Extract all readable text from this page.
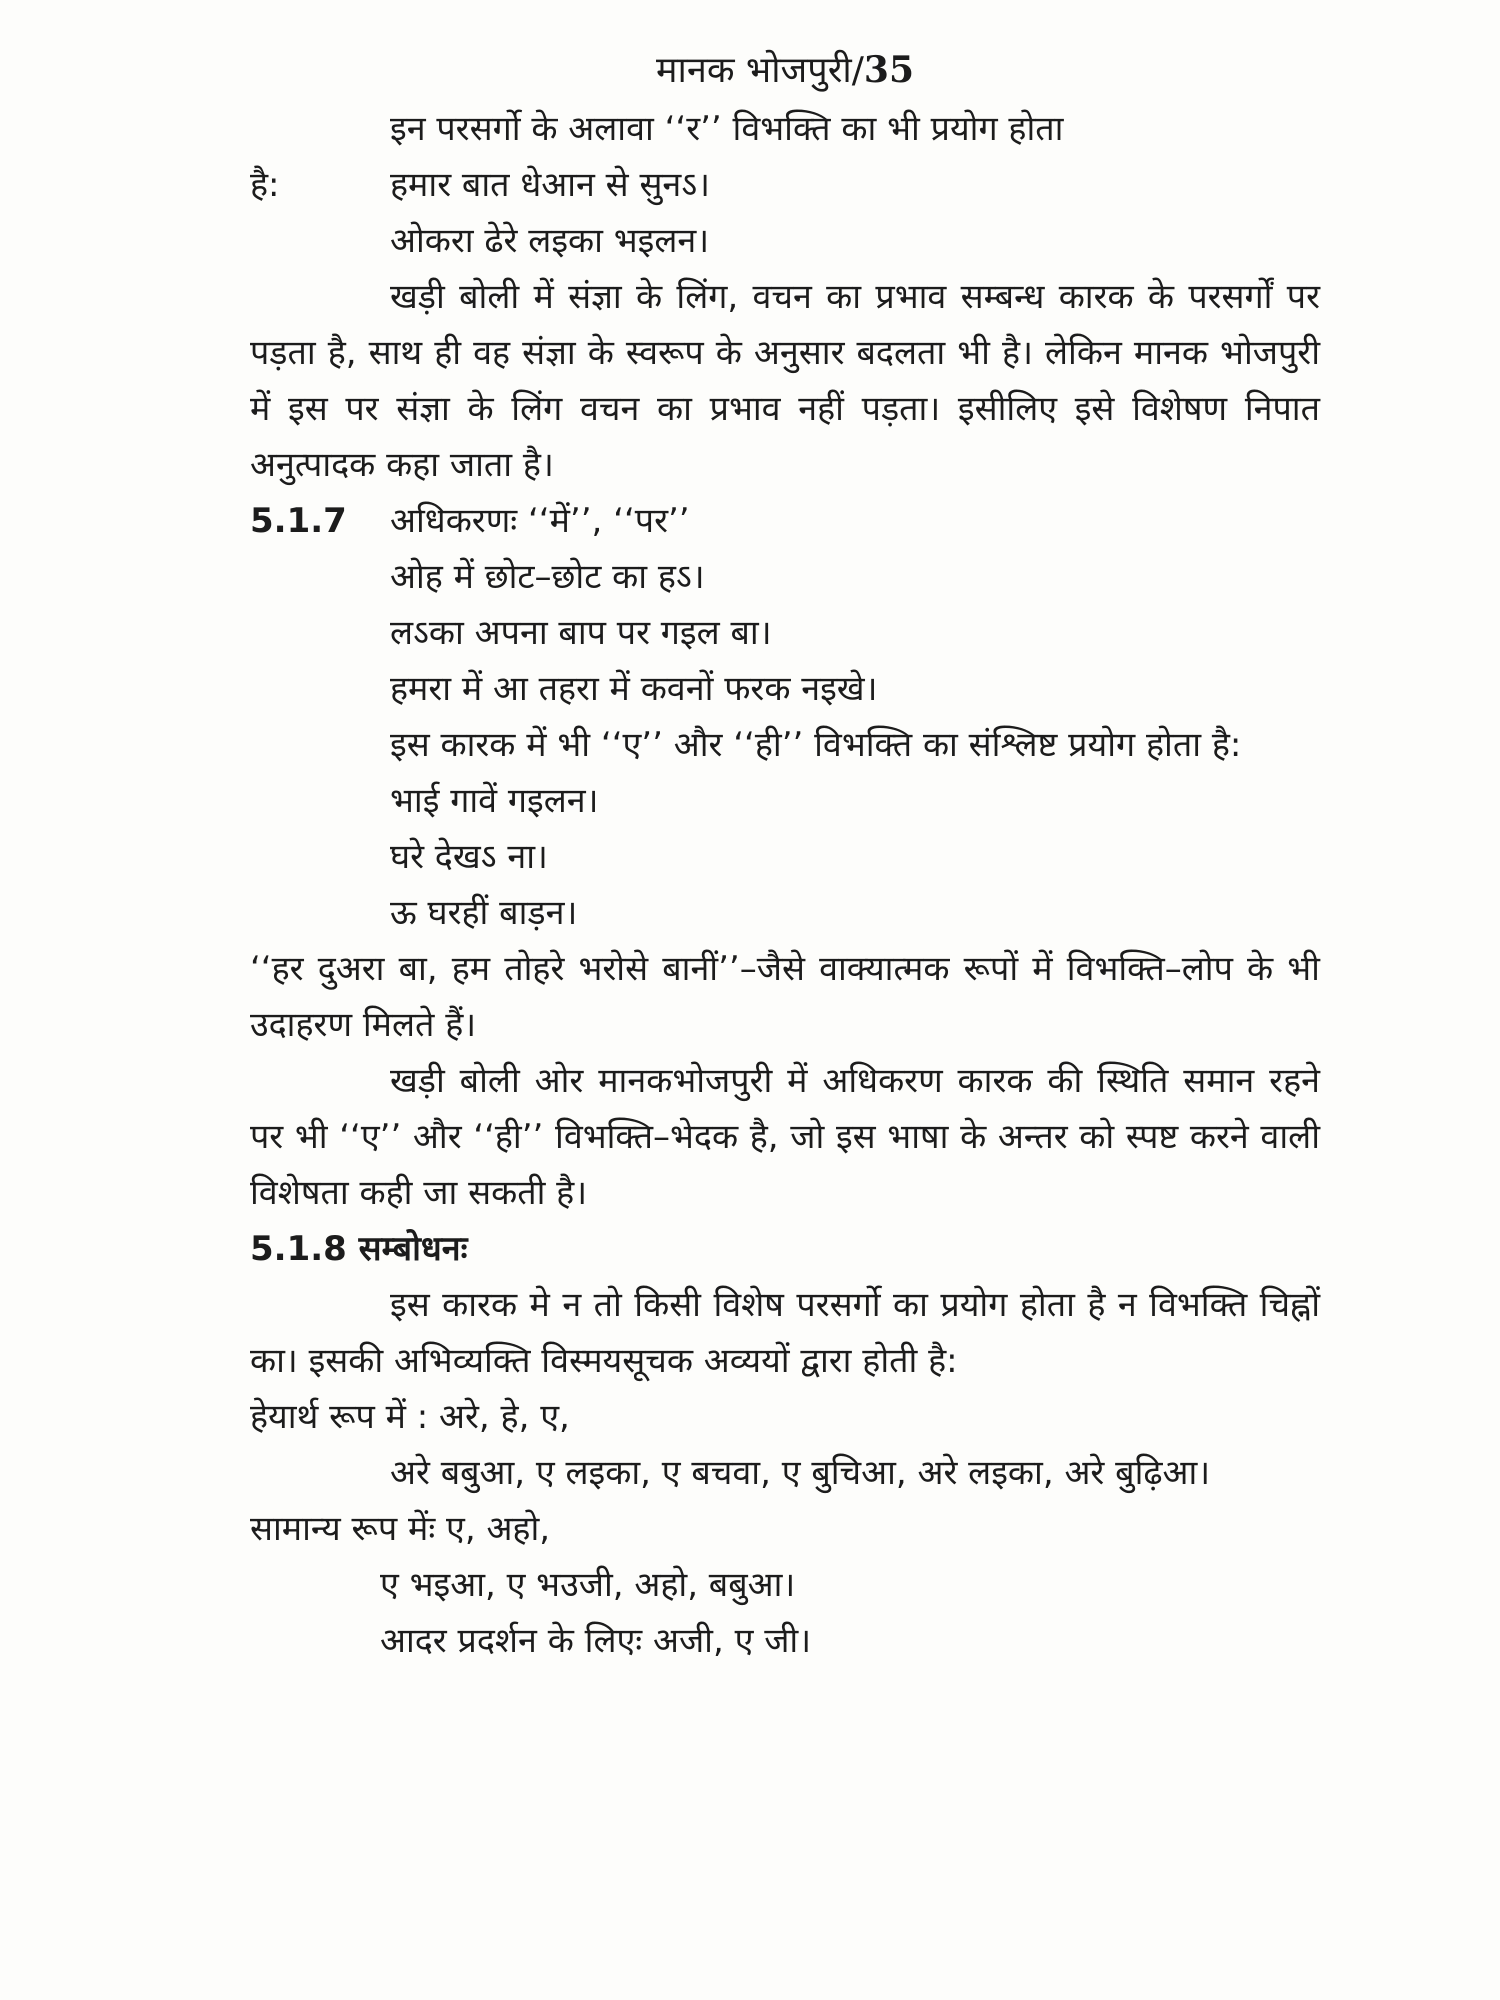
मानक भोजपुरी/35

इन परसर्गो के अलावा ‘‘र’’ विभक्ति का भी प्रयोग होता

है:	हमार बात धेआन से सुनऽ।

ओकरा ढेरे लइका भइलन।

खड़ी बोली में संज्ञा के लिंग, वचन का प्रभाव सम्बन्ध कारक के परसर्गों पर पड़ता है, साथ ही वह संज्ञा के स्वरूप के अनुसार बदलता भी है। लेकिन मानक भोजपुरी में इस पर संज्ञा के लिंग वचन का प्रभाव नहीं पड़ता। इसीलिए इसे विशेषण निपात अनुत्पादक कहा जाता है।

5.1.7	अधिकरणः ‘‘में’’, ‘‘पर’’

ओह में छोट–छोट का हऽ।

लऽका अपना बाप पर गइल बा।

हमरा में आ तहरा में कवनों फरक नइखे।

इस कारक में भी ‘‘ए’’ और ‘‘ही’’ विभक्ति का संश्लिष्ट प्रयोग होता है:

भाई गावें गइलन।

घरे देखऽ ना।

ऊ घरहीं बाड़न।

‘‘हर दुअरा बा, हम तोहरे भरोसे बानीं’’–जैसे वाक्यात्मक रूपों में विभक्ति–लोप के भी उदाहरण मिलते हैं।

खड़ी बोली ओर मानकभोजपुरी में अधिकरण कारक की स्थिति समान रहने पर भी ‘‘ए’’ और ‘‘ही’’ विभक्ति–भेदक है, जो इस भाषा के अन्तर को स्पष्ट करने वाली विशेषता कही जा सकती है।

5.1.8 सम्बोधनः

इस कारक मे न तो किसी विशेष परसर्गो का प्रयोग होता है न विभक्ति चिह्नों का। इसकी अभिव्यक्ति विस्मयसूचक अव्ययों द्वारा होती है:

हेयार्थ रूप में : अरे, हे, ए,

अरे बबुआ, ए लइका, ए बचवा, ए बुचिआ, अरे लइका, अरे बुढ़िआ।

सामान्य रूप मेंः ए, अहो,

ए भइआ, ए भउजी, अहो, बबुआ।

आदर प्रदर्शन के लिएः अजी, ए जी।
